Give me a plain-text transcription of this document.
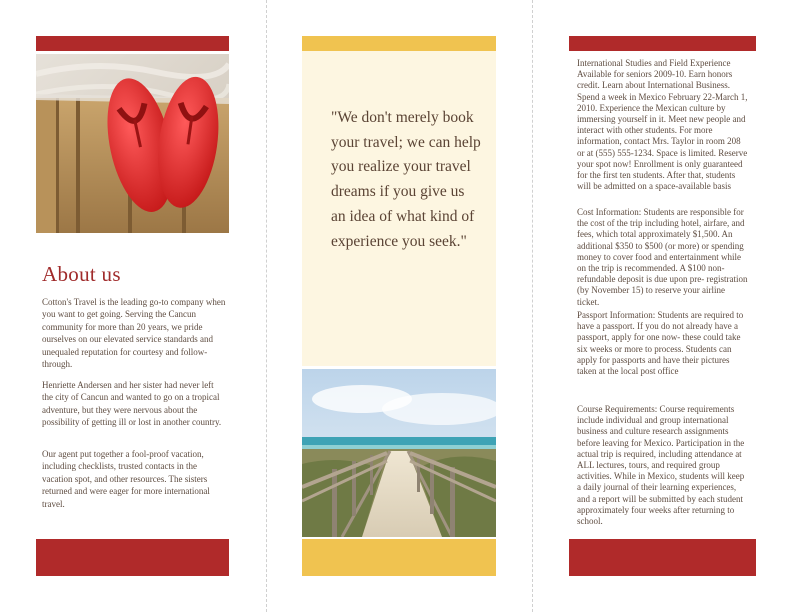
About us

Cotton's Travel is the leading go-to company when you want to get going. Serving the Cancun community for more than 20 years, we pride ourselves on our elevated service standards and unequaled reputation for courtesy and follow-through.

Henriette Andersen and her sister had never left the city of Cancun and wanted to go on a tropical adventure, but they were nervous about the possibility of getting ill or lost in another country.

Our agent put together a fool-proof vacation, including checklists, trusted contacts in the vacation spot, and other resources. The sisters returned and were eager for more international travel.

"We don't merely book your travel; we can help you realize your travel dreams if you give us an idea of what kind of experience you seek."

International Studies and Field Experience Available for seniors 2009-10. Earn honors credit. Learn about International Business. Spend a week in Mexico February 22-March 1, 2010. Experience the Mexican culture by immersing yourself in it. Meet new people and interact with other students. For more information, contact Mrs. Taylor in room 208 or at (555) 555-1234. Space is limited. Reserve your spot now! Enrollment is only guaranteed for the first ten students. After that, students will be admitted on a space-available basis

Cost Information: Students are responsible for the cost of the trip including hotel, airfare, and fees, which total approximately $1,500. An additional $350 to $500 (or more) or spending money to cover food and entertainment while on the trip is recommended. A $100 non-refundable deposit is due upon pre- registration (by November 15) to reserve your airline ticket.

Passport Information: Students are required to have a passport. If you do not already have a passport, apply for one now- these could take six weeks or more to process. Students can apply for passports and have their pictures taken at the local post office

Course Requirements: Course requirements include individual and group international business and culture research assignments before leaving for Mexico. Participation in the actual trip is required, including attendance at ALL lectures, tours, and required group activities. While in Mexico, students will keep a daily journal of their learning experiences, and a report will be submitted by each student approximately four weeks after returning to school.
